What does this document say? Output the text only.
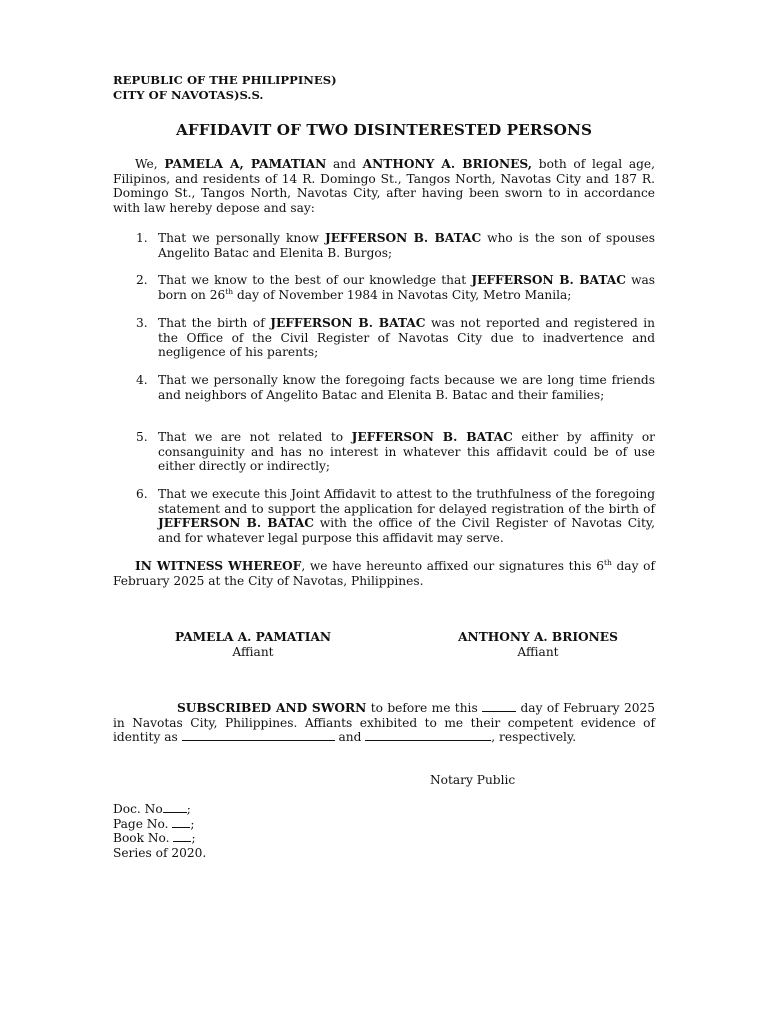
REPUBLIC OF THE PHILIPPINES)
CITY OF NAVOTAS)S.S.
AFFIDAVIT OF TWO DISINTERESTED PERSONS
We, PAMELA A, PAMATIAN and ANTHONY A. BRIONES, both of legal age, Filipinos, and residents of 14 R. Domingo St., Tangos North, Navotas City and 187 R. Domingo St., Tangos North, Navotas City, after having been sworn to in accordance with law hereby depose and say:
1. That we personally know JEFFERSON B. BATAC who is the son of spouses Angelito Batac and Elenita B. Burgos;
2. That we know to the best of our knowledge that JEFFERSON B. BATAC was born on 26th day of November 1984 in Navotas City, Metro Manila;
3. That the birth of JEFFERSON B. BATAC was not reported and registered in the Office of the Civil Register of Navotas City due to inadvertence and negligence of his parents;
4. That we personally know the foregoing facts because we are long time friends and neighbors of Angelito Batac and Elenita B. Batac and their families;
5. That we are not related to JEFFERSON B. BATAC either by affinity or consanguinity and has no interest in whatever this affidavit could be of use either directly or indirectly;
6. That we execute this Joint Affidavit to attest to the truthfulness of the foregoing statement and to support the application for delayed registration of the birth of JEFFERSON B. BATAC with the office of the Civil Register of Navotas City, and for whatever legal purpose this affidavit may serve.
IN WITNESS WHEREOF, we have hereunto affixed our signatures this 6th day of February 2025 at the City of Navotas, Philippines.
PAMELA A. PAMATIAN
Affiant
ANTHONY A. BRIONES
Affiant
SUBSCRIBED AND SWORN to before me this	day of February 2025 in Navotas City, Philippines. Affiants exhibited to me their competent evidence of identity as	and	, respectively.
Notary Public
Doc. No ;
Page No. ;
Book No. ;
Series of 2020.
